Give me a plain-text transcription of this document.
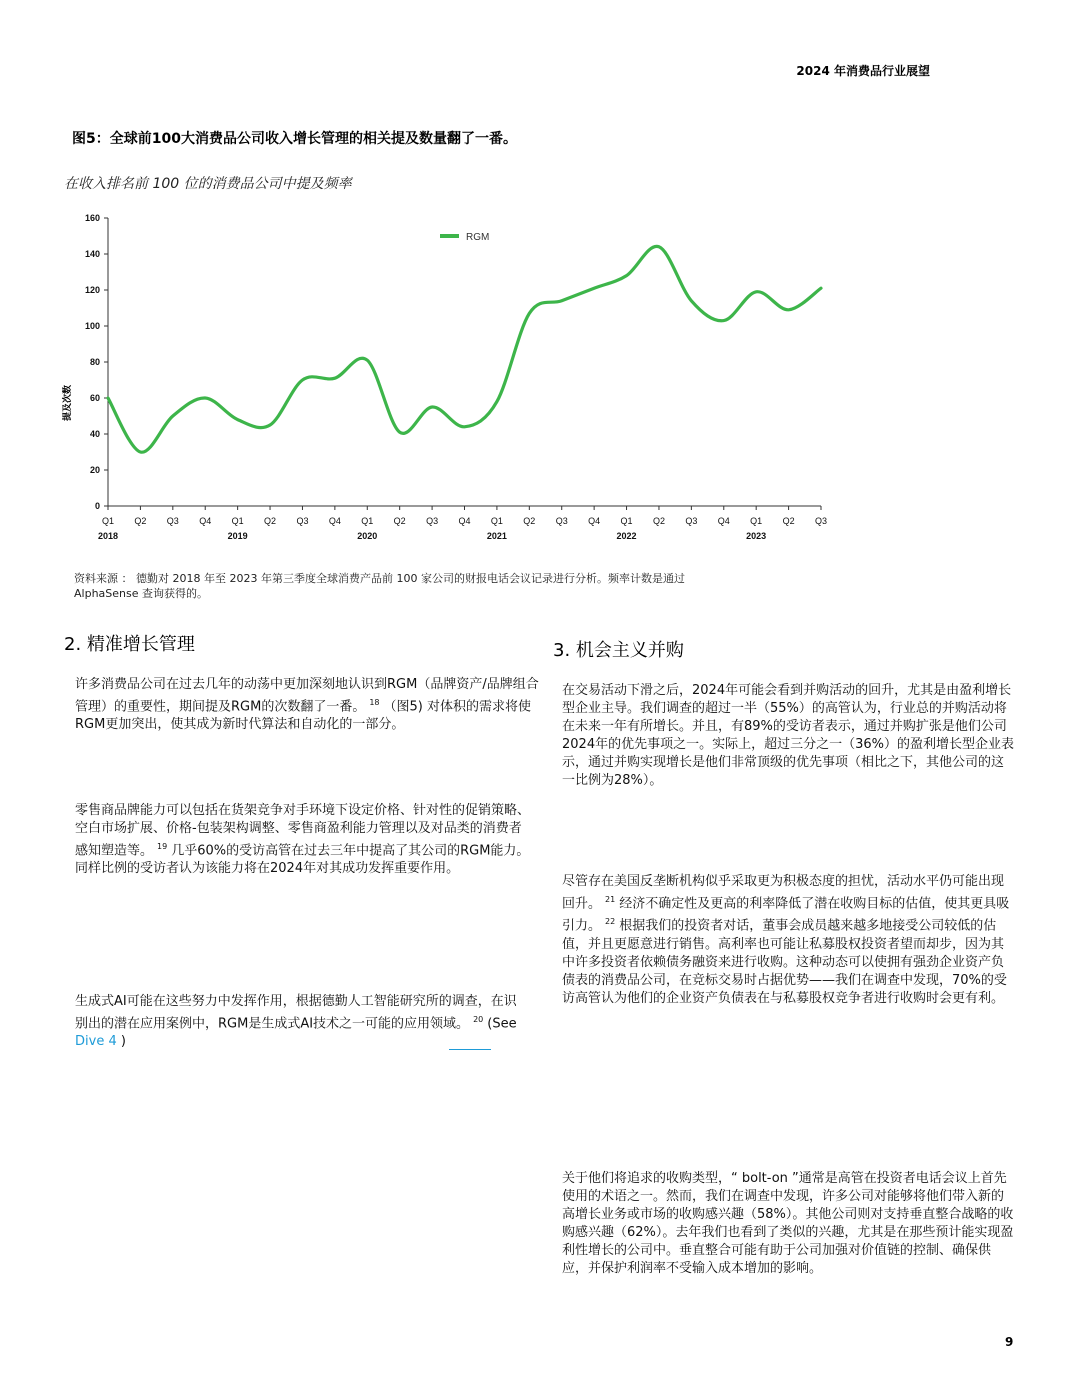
2024 年消费品行业展望
图5：全球前100大消费品公司收入增长管理的相关提及数量翻了一番。
在收入排名前 100 位的消费品公司中提及频率
0
20
40
60
80
100
120
140
160
Q1 Q2 Q3 Q4 Q1 Q2 Q3 Q4 Q1 Q2 Q3 Q4 Q1 Q2 Q3 Q4 Q1 Q2 Q3 Q4 Q1 Q2 Q3
2018	2019	2020	2021	2022	2023
提及次数
RGM
资料来源 ： 德勤对 2018 年至 2023 年第三季度全球消费产品前 100 家公司的财报电话会议记录进行分析。频率计数是通过 AlphaSense 查询获得的。
2. 精准增长管理
许多消费品公司在过去几年的动荡中更加深刻地认识到RGM（品牌资产/品牌组合管理）的重要性，期间提及RGM的次数翻了一番。 $^{18}$ （图5) 对体积的需求将使RGM更加突出，使其成为新时代算法和自动化的一部分。
零售商品牌能力可以包括在货架竞争对手环境下设定价格、针对性的促销策略、空白市场扩展、价格-包装架构调整、零售商盈利能力管理以及对品类的消费者感知塑造等。 $^{19}$ 几乎60%的受访高管在过去三年中提高了其公司的RGM能力。同样比例的受访者认为该能力将在2024年对其成功发挥重要作用。
生成式AI可能在这些努力中发挥作用，根据德勤人工智能研究所的调查，在识别出的潜在应用案例中，RGM是生成式AI技术之一可能的应用领域。 $^{20}$ (See Dive 4 )
3. 机会主义并购
在交易活动下滑之后，2024年可能会看到并购活动的回升，尤其是由盈利增长型企业主导。我们调查的超过一半（55%）的高管认为，行业总的并购活动将在未来一年有所增长。并且，有89%的受访者表示，通过并购扩张是他们公司2024年的优先事项之一。实际上，超过三分之一（36%）的盈利增长型企业表示，通过并购实现增长是他们非常顶级的优先事项（相比之下，其他公司的这一比例为28%）。
尽管存在美国反垄断机构似乎采取更为积极态度的担忧，活动水平仍可能出现回升。 $^{21}$ 经济不确定性及更高的利率降低了潜在收购目标的估值，使其更具吸引力。 $^{22}$ 根据我们的投资者对话，董事会成员越来越多地接受公司较低的估值，并且更愿意进行销售。高利率也可能让私募股权投资者望而却步，因为其中许多投资者依赖债务融资来进行收购。这种动态可以使拥有强劲企业资产负债表的消费品公司，在竞标交易时占据优势——我们在调查中发现，70%的受访高管认为他们的企业资产负债表在与私募股权竞争者进行收购时会更有利。
关于他们将追求的收购类型，“ bolt-on ”通常是高管在投资者电话会议上首先使用的术语之一。然而，我们在调查中发现，许多公司对能够将他们带入新的高增长业务或市场的收购感兴趣（58%）。其他公司则对支持垂直整合战略的收购感兴趣（62%）。去年我们也看到了类似的兴趣，尤其是在那些预计能实现盈利性增长的公司中。垂直整合可能有助于公司加强对价值链的控制、确保供应，并保护利润率不受输入成本增加的影响。
9
